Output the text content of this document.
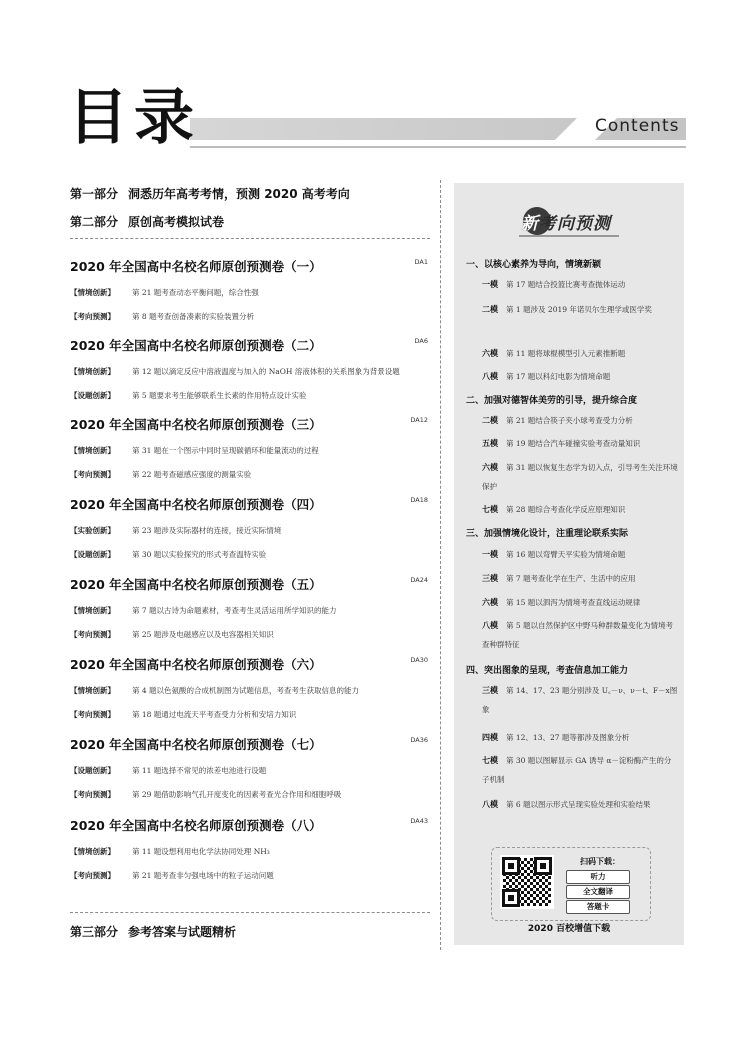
目录	Contents
第一部分 洞悉历年高考考情，预测 2020 高考考向
第二部分 原创高考模拟试卷
2020 年全国高中名校名师原创预测卷（一）	DA1
【情境创新】	第 21 题考查动态平衡问题，综合性强
【考向预测】	第 8 题考查创备凑素的实验装置分析
2020 年全国高中名校名师原创预测卷（二）	DA6
【情境创新】	第 12 题以滴定反应中溶液温度与加入的 NaOH 溶液体积的关系图象为背景设题
【设题创新】	第 5 题要求考生能够联系生长素的作用特点设计实验
2020 年全国高中名校名师原创预测卷（三）	DA12
【情境创新】	第 31 题在一个图示中同时呈现碳循环和能量流动的过程
【考向预测】	第 22 题考查磁感应强度的测量实验
2020 年全国高中名校名师原创预测卷（四）	DA18
【实验创新】	第 23 题涉及实际器材的连接，接近实际情境
【设题创新】	第 30 题以实验探究的形式考查温特实验
2020 年全国高中名校名师原创预测卷（五）	DA24
【情境创新】	第 7 题以古诗为命题素材，考查考生灵活运用所学知识的能力
【考向预测】	第 25 题涉及电磁感应以及电容器相关知识
2020 年全国高中名校名师原创预测卷（六）	DA30
【情境创新】	第 4 题以色氨酸的合成机制图为试题信息，考查考生获取信息的能力
【考向预测】	第 18 题通过电流天平考查受力分析和安培力知识
2020 年全国高中名校名师原创预测卷（七）	DA36
【设题创新】	第 11 题选择不常见的浓差电池进行设题
【考向预测】	第 29 题借助影响气孔开度变化的因素考查光合作用和细胞呼吸
2020 年全国高中名校名师原创预测卷（八）	DA43
【情境创新】	第 11 题设想利用电化学法协同处理 NH₃
【考向预测】	第 21 题考查非匀强电场中的粒子运动问题
第三部分 参考答案与试题精析
新考向预测
一、以核心素养为导向，情境新颖
一模 第 17 题结合投篮比赛考查抛体运动
二模 第 1 题涉及 2019 年诺贝尔生理学或医学奖
六模 第 11 题将球棍模型引入元素推断题
八模 第 17 题以科幻电影为情境命题
二、加强对德智体美劳的引导，提升综合度
二模 第 21 题结合筷子夹小球考查受力分析
五模 第 19 题结合汽车碰撞实验考查动量知识
六模 第 31 题以恢复生态学为切入点，引导考生关注环境保护
七模 第 28 题综合考查化学反应原理知识
三、加强情境化设计，注重理论联系实际
一模 第 16 题以弯臂天平实验为情境命题
三模 第 7 题考查化学在生产、生活中的应用
六模 第 15 题以泗泻为情境考查直线运动规律
八模 第 5 题以自然保护区中野马种群数量变化为情境考查种群特征
四、突出图象的呈现，考查信息加工能力
三模 第 14、17、23 题分别涉及 U꜀－ν、ν－t、F－x图象
四模 第 12、13、27 题等都涉及图象分析
七模 第 30 题以图解显示 GA 诱导 α－淀粉酶产生的分子机制
八模 第 6 题以图示形式呈现实验处理和实验结果
扫码下载：
听力
全文翻译
答题卡
2020 百校增值下载
